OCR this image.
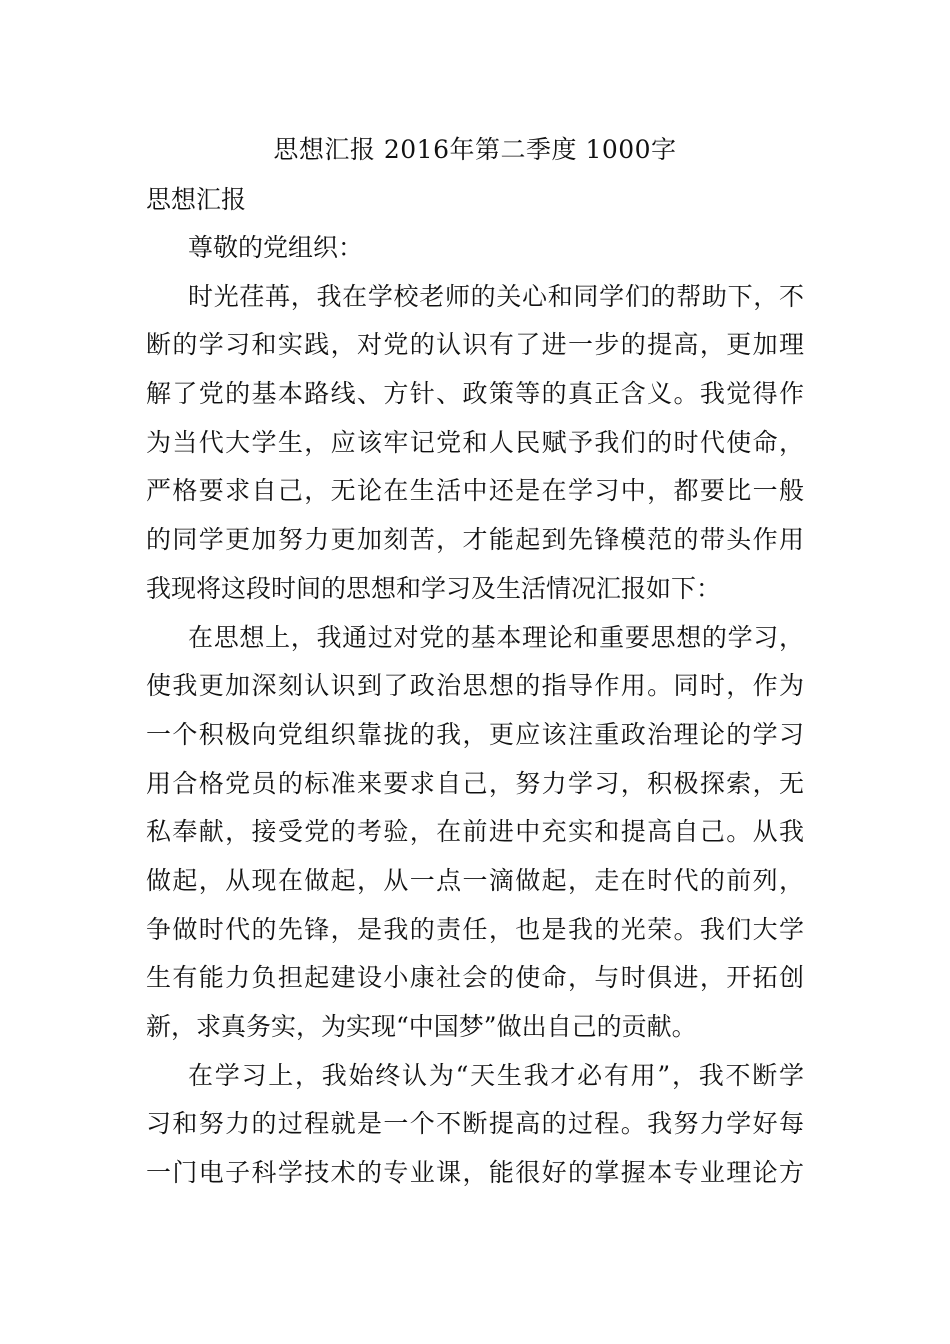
思想汇报 2016年第二季度 1000字
思想汇报
尊敬的党组织：
时光荏苒，我在学校老师的关心和同学们的帮助下，不
断的学习和实践，对党的认识有了进一步的提高，更加理
解了党的基本路线、方针、政策等的真正含义。我觉得作
为当代大学生，应该牢记党和人民赋予我们的时代使命，
严格要求自己，无论在生活中还是在学习中，都要比一般
的同学更加努力更加刻苦，才能起到先锋模范的带头作用
我现将这段时间的思想和学习及生活情况汇报如下：
在思想上，我通过对党的基本理论和重要思想的学习，
使我更加深刻认识到了政治思想的指导作用。同时，作为
一个积极向党组织靠拢的我，更应该注重政治理论的学习
用合格党员的标准来要求自己，努力学习，积极探索，无
私奉献，接受党的考验，在前进中充实和提高自己。从我
做起，从现在做起，从一点一滴做起，走在时代的前列，
争做时代的先锋，是我的责任，也是我的光荣。我们大学
生有能力负担起建设小康社会的使命，与时俱进，开拓创
新，求真务实，为实现“中国梦”做出自己的贡献。
在学习上，我始终认为“天生我才必有用”，我不断学
习和努力的过程就是一个不断提高的过程。我努力学好每
一门电子科学技术的专业课，能很好的掌握本专业理论方
